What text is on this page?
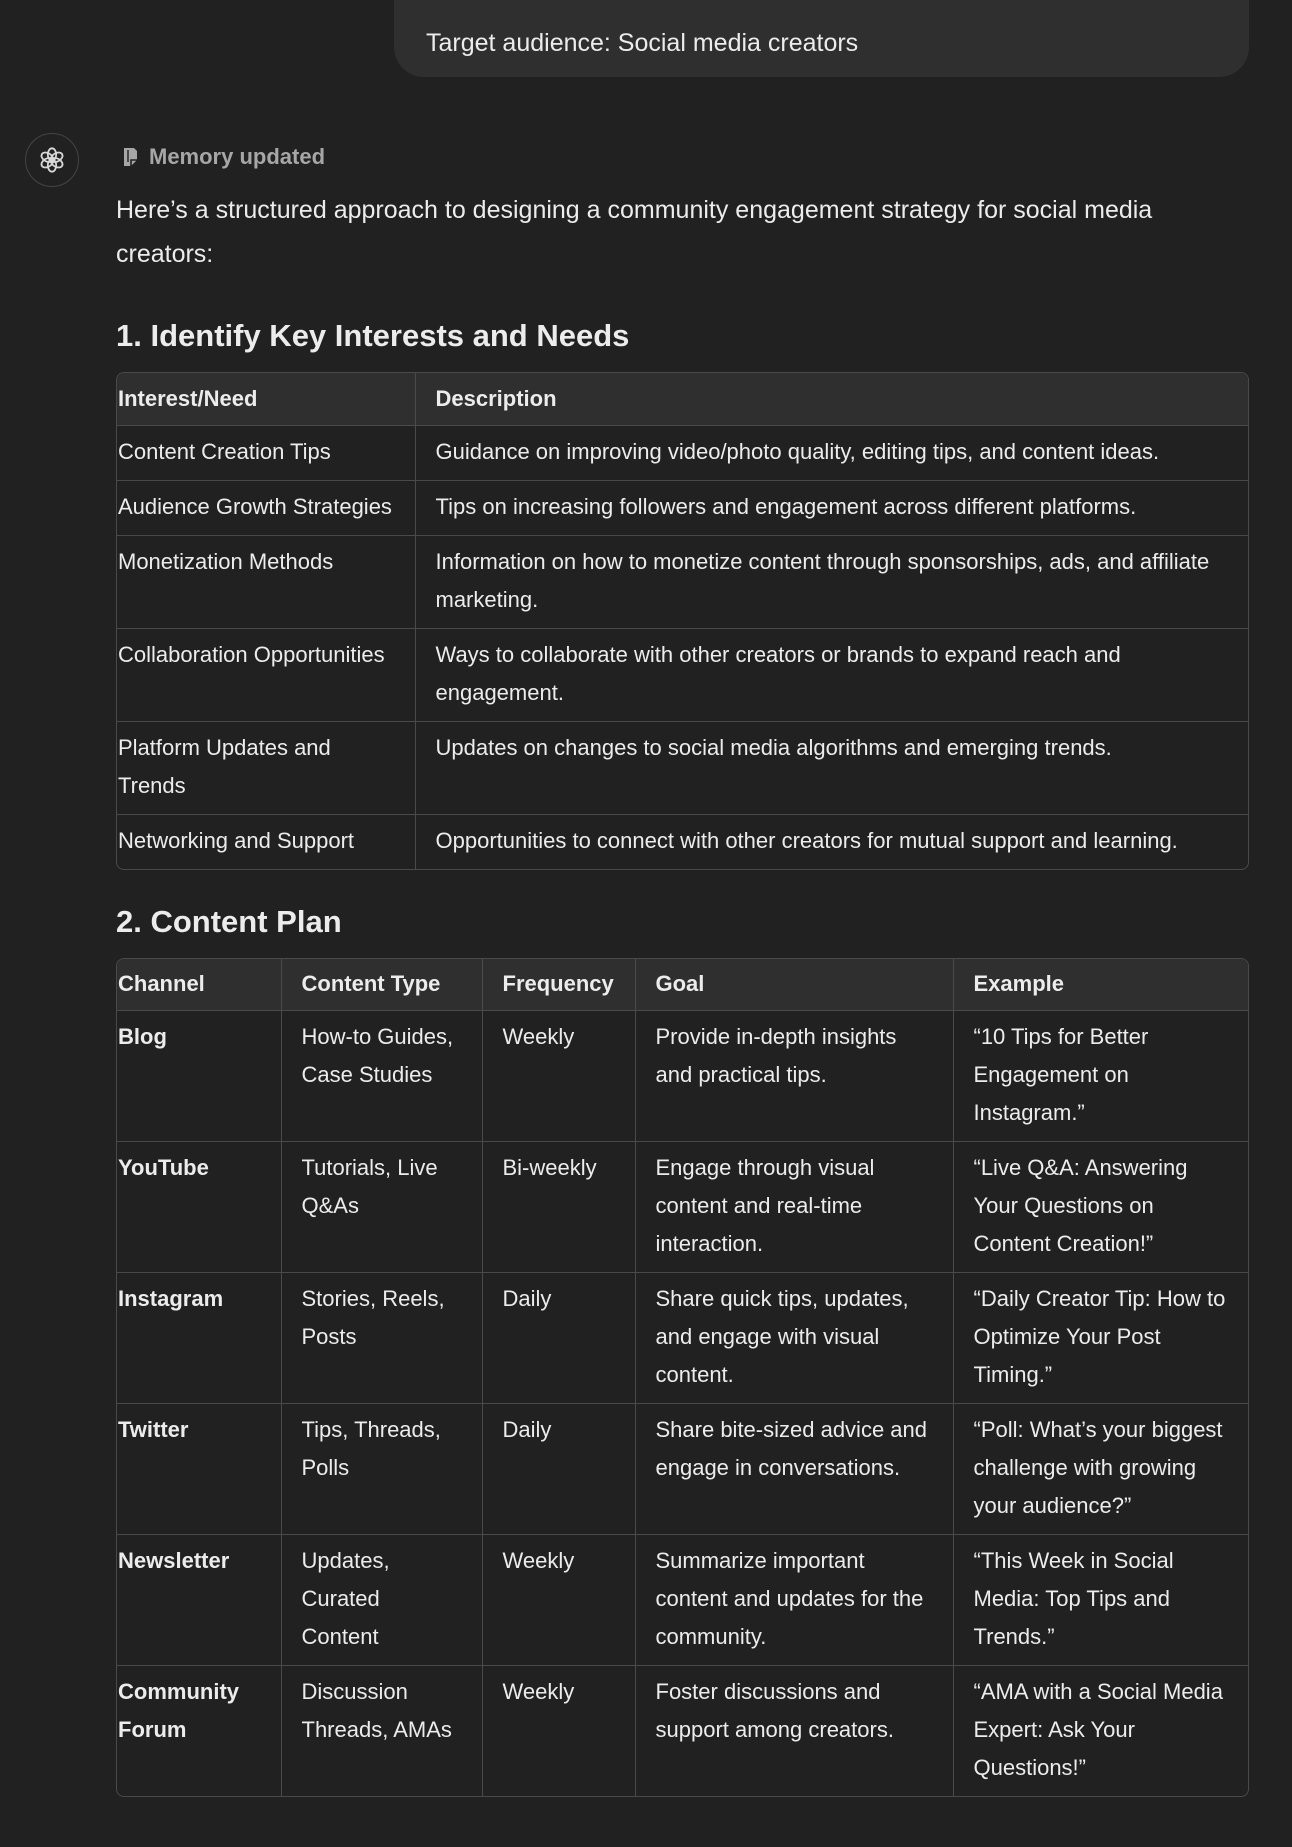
Target audience: Social media creators
Memory updated

Here’s a structured approach to designing a community engagement strategy for social media creators:

1. Identify Key Interests and Needs
Interest/Need	Description
Content Creation Tips	Guidance on improving video/photo quality, editing tips, and content ideas.
Audience Growth Strategies	Tips on increasing followers and engagement across different platforms.
Monetization Methods	Information on how to monetize content through sponsorships, ads, and affiliate marketing.
Collaboration Opportunities	Ways to collaborate with other creators or brands to expand reach and engagement.
Platform Updates and Trends	Updates on changes to social media algorithms and emerging trends.
Networking and Support	Opportunities to connect with other creators for mutual support and learning.
2. Content Plan
Channel	Content Type	Frequency	Goal	Example
Blog	How-to Guides, Case Studies	Weekly	Provide in-depth insights and practical tips.	“10 Tips for Better Engagement on Instagram.”
YouTube	Tutorials, Live Q&As	Bi-weekly	Engage through visual content and real-time interaction.	“Live Q&A: Answering Your Questions on Content Creation!”
Instagram	Stories, Reels, Posts	Daily	Share quick tips, updates, and engage with visual content.	“Daily Creator Tip: How to Optimize Your Post Timing.”
Twitter	Tips, Threads, Polls	Daily	Share bite-sized advice and engage in conversations.	“Poll: What’s your biggest challenge with growing your audience?”
Newsletter	Updates, Curated Content	Weekly	Summarize important content and updates for the community.	“This Week in Social Media: Top Tips and Trends.”
Community Forum	Discussion Threads, AMAs	Weekly	Foster discussions and support among creators.	“AMA with a Social Media Expert: Ask Your Questions!”
